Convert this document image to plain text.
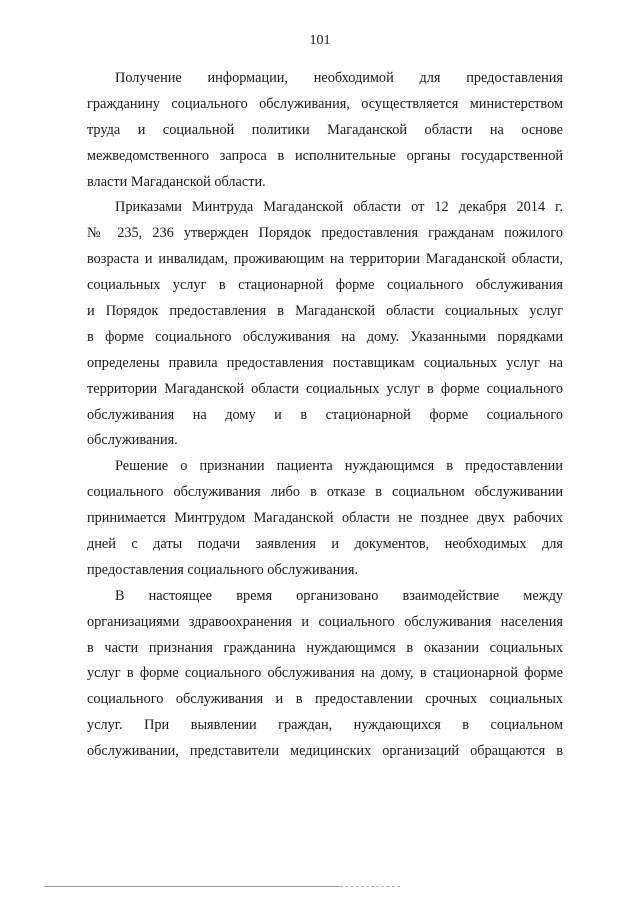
101
Получение информации, необходимой для предоставления
гражданину социального обслуживания, осуществляется министерством
труда и социальной политики Магаданской области на основе
межведомственного запроса в исполнительные органы государственной
власти Магаданской области.
Приказами Минтруда Магаданской области от 12 декабря 2014 г.
№ 235, 236 утвержден Порядок предоставления гражданам пожилого
возраста и инвалидам, проживающим на территории Магаданской области,
социальных услуг в стационарной форме социального обслуживания
и Порядок предоставления в Магаданской области социальных услуг
в форме социального обслуживания на дому. Указанными порядками
определены правила предоставления поставщикам социальных услуг на
территории Магаданской области социальных услуг в форме социального
обслуживания на дому и в стационарной форме социального
обслуживания.
Решение о признании пациента нуждающимся в предоставлении
социального обслуживания либо в отказе в социальном обслуживании
принимается Минтрудом Магаданской области не позднее двух рабочих
дней с даты подачи заявления и документов, необходимых для
предоставления социального обслуживания.
В настоящее время организовано взаимодействие между
организациями здравоохранения и социального обслуживания населения
в части признания гражданина нуждающимся в оказании социальных
услуг в форме социального обслуживания на дому, в стационарной форме
социального обслуживания и в предоставлении срочных социальных
услуг. При выявлении граждан, нуждающихся в социальном
обслуживании, представители медицинских организаций обращаются в
